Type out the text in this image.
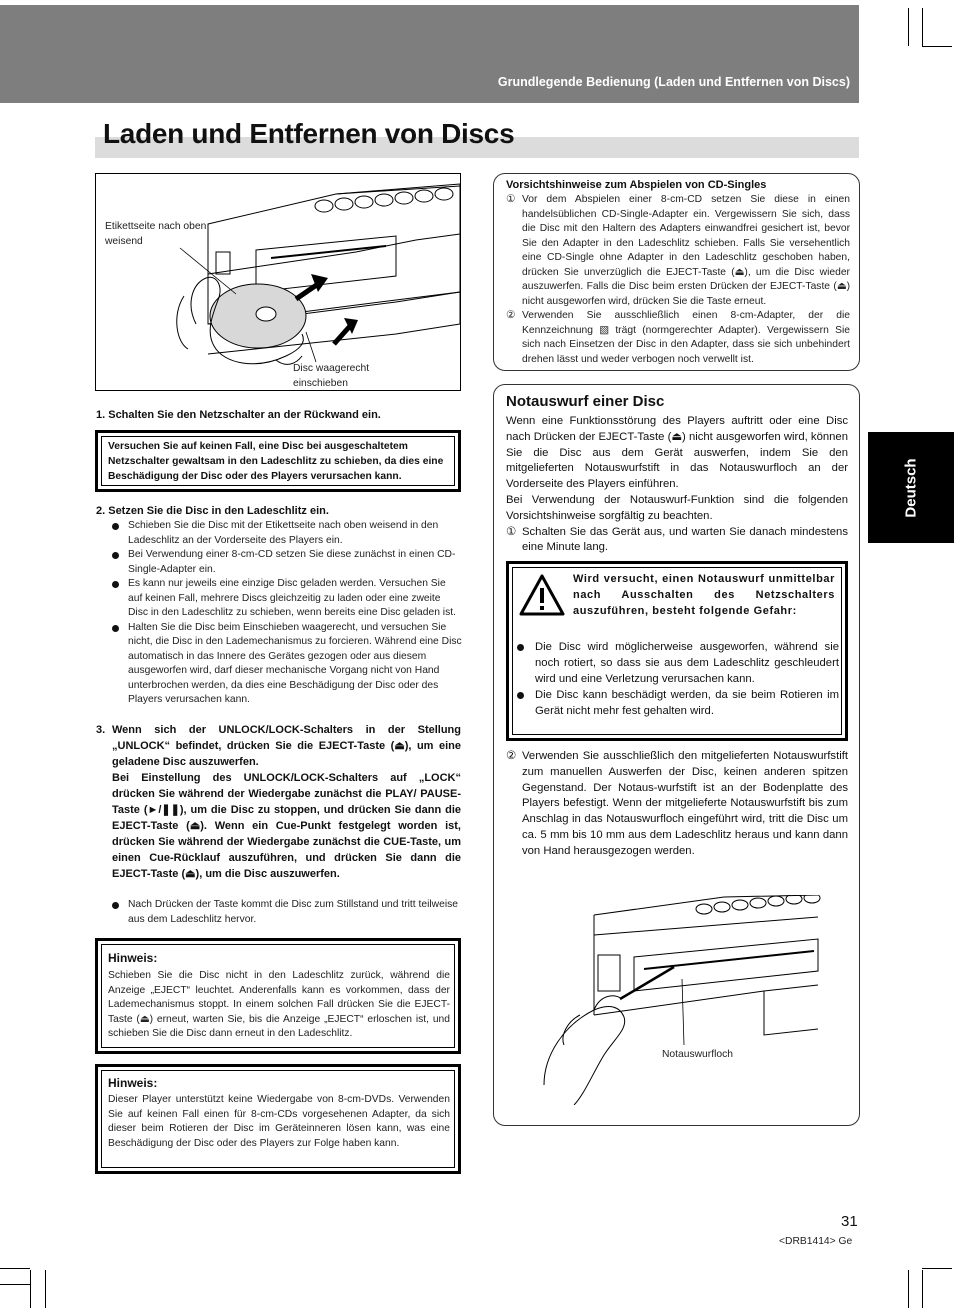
Grundlegende Bedienung (Laden und Entfernen von Discs)
Laden und Entfernen von Discs
Deutsch
Etikettseite nach oben weisend
Disc waagerecht einschieben
1. Schalten Sie den Netzschalter an der Rückwand ein.
Versuchen Sie auf keinen Fall, eine Disc bei ausgeschaltetem Netzschalter gewaltsam in den Ladeschlitz zu schieben, da dies eine Beschädigung der Disc oder des Players verursachen kann.
2. Setzen Sie die Disc in den Ladeschlitz ein.
Schieben Sie die Disc mit der Etikettseite nach oben weisend in den Ladeschlitz an der Vorderseite des Players ein.
Bei Verwendung einer 8-cm-CD setzen Sie diese zunächst in einen CD-Single-Adapter ein.
Es kann nur jeweils eine einzige Disc geladen werden. Versuchen Sie auf keinen Fall, mehrere Discs gleichzeitig zu laden oder eine zweite Disc in den Ladeschlitz zu schieben, wenn bereits eine Disc geladen ist.
Halten Sie die Disc beim Einschieben waagerecht, und versuchen Sie nicht, die Disc in den Lademechanismus zu forcieren. Während eine Disc automatisch in das Innere des Gerätes gezogen oder aus diesem ausgeworfen wird, darf dieser mechanische Vorgang nicht von Hand unterbrochen werden, da dies eine Beschädigung der Disc oder des Players verursachen kann.
3. Wenn sich der UNLOCK/LOCK-Schalters in der Stellung „UNLOCK“ befindet, drücken Sie die EJECT-Taste (⏏), um eine geladene Disc auszuwerfen.
Bei Einstellung des UNLOCK/LOCK-Schalters auf „LOCK“ drücken Sie während der Wiedergabe zunächst die PLAY/ PAUSE-Taste (►/❚❚), um die Disc zu stoppen, und drücken Sie dann die EJECT-Taste (⏏). Wenn ein Cue-Punkt festgelegt worden ist, drücken Sie während der Wiedergabe zunächst die CUE-Taste, um einen Cue-Rücklauf auszuführen, und drücken Sie dann die EJECT-Taste (⏏), um die Disc auszuwerfen.
Nach Drücken der Taste kommt die Disc zum Stillstand und tritt teilweise aus dem Ladeschlitz hervor.
Hinweis:
Schieben Sie die Disc nicht in den Ladeschlitz zurück, während die Anzeige „EJECT“ leuchtet. Anderenfalls kann es vorkommen, dass der Lademechanismus stoppt. In einem solchen Fall drücken Sie die EJECT-Taste (⏏) erneut, warten Sie, bis die Anzeige „EJECT“ erloschen ist, und schieben Sie die Disc dann erneut in den Ladeschlitz.
Hinweis:
Dieser Player unterstützt keine Wiedergabe von 8-cm-DVDs. Verwenden Sie auf keinen Fall einen für 8-cm-CDs vorgesehenen Adapter, da sich dieser beim Rotieren der Disc im Geräteinneren lösen kann, was eine Beschädigung der Disc oder des Players zur Folge haben kann.
Vorsichtshinweise zum Abspielen von CD-Singles
① Vor dem Abspielen einer 8-cm-CD setzen Sie diese in einen handelsüblichen CD-Single-Adapter ein. Vergewissern Sie sich, dass die Disc mit den Haltern des Adapters einwandfrei gesichert ist, bevor Sie den Adapter in den Ladeschlitz schieben. Falls Sie versehentlich eine CD-Single ohne Adapter in den Ladeschlitz geschoben haben, drücken Sie unverzüglich die EJECT-Taste (⏏), um die Disc wieder auszuwerfen. Falls die Disc beim ersten Drücken der EJECT-Taste (⏏) nicht ausgeworfen wird, drücken Sie die Taste erneut.
② Verwenden Sie ausschließlich einen 8-cm-Adapter, der die Kennzeichnung ▧ trägt (normgerechter Adapter). Vergewissern Sie sich nach Einsetzen der Disc in den Adapter, dass sie sich unbehindert drehen lässt und weder verbogen noch verwellt ist.
Notauswurf einer Disc
Wenn eine Funktionsstörung des Players auftritt oder eine Disc nach Drücken der EJECT-Taste (⏏) nicht ausgeworfen wird, können Sie die Disc aus dem Gerät auswerfen, indem Sie den mitgelieferten Notauswurfstift in das Notauswurfloch an der Vorderseite des Players einführen.
Bei Verwendung der Notauswurf-Funktion sind die folgenden Vorsichtshinweise sorgfältig zu beachten.
① Schalten Sie das Gerät aus, und warten Sie danach mindestens eine Minute lang.
Wird versucht, einen Notauswurf unmittelbar nach Ausschalten des Netzschalters auszuführen, besteht folgende Gefahr:
Die Disc wird möglicherweise ausgeworfen, während sie noch rotiert, so dass sie aus dem Ladeschlitz geschleudert wird und eine Verletzung verursachen kann.
Die Disc kann beschädigt werden, da sie beim Rotieren im Gerät nicht mehr fest gehalten wird.
② Verwenden Sie ausschließlich den mitgelieferten Notauswurfstift zum manuellen Auswerfen der Disc, keinen anderen spitzen Gegenstand. Der Notaus-wurfstift ist an der Bodenplatte des Players befestigt. Wenn der mitgelieferte Notauswurfstift bis zum Anschlag in das Notauswurfloch eingeführt wird, tritt die Disc um ca. 5 mm bis 10 mm aus dem Ladeschlitz heraus und kann dann von Hand herausgezogen werden.
Notauswurfloch
31
<DRB1414> Ge
